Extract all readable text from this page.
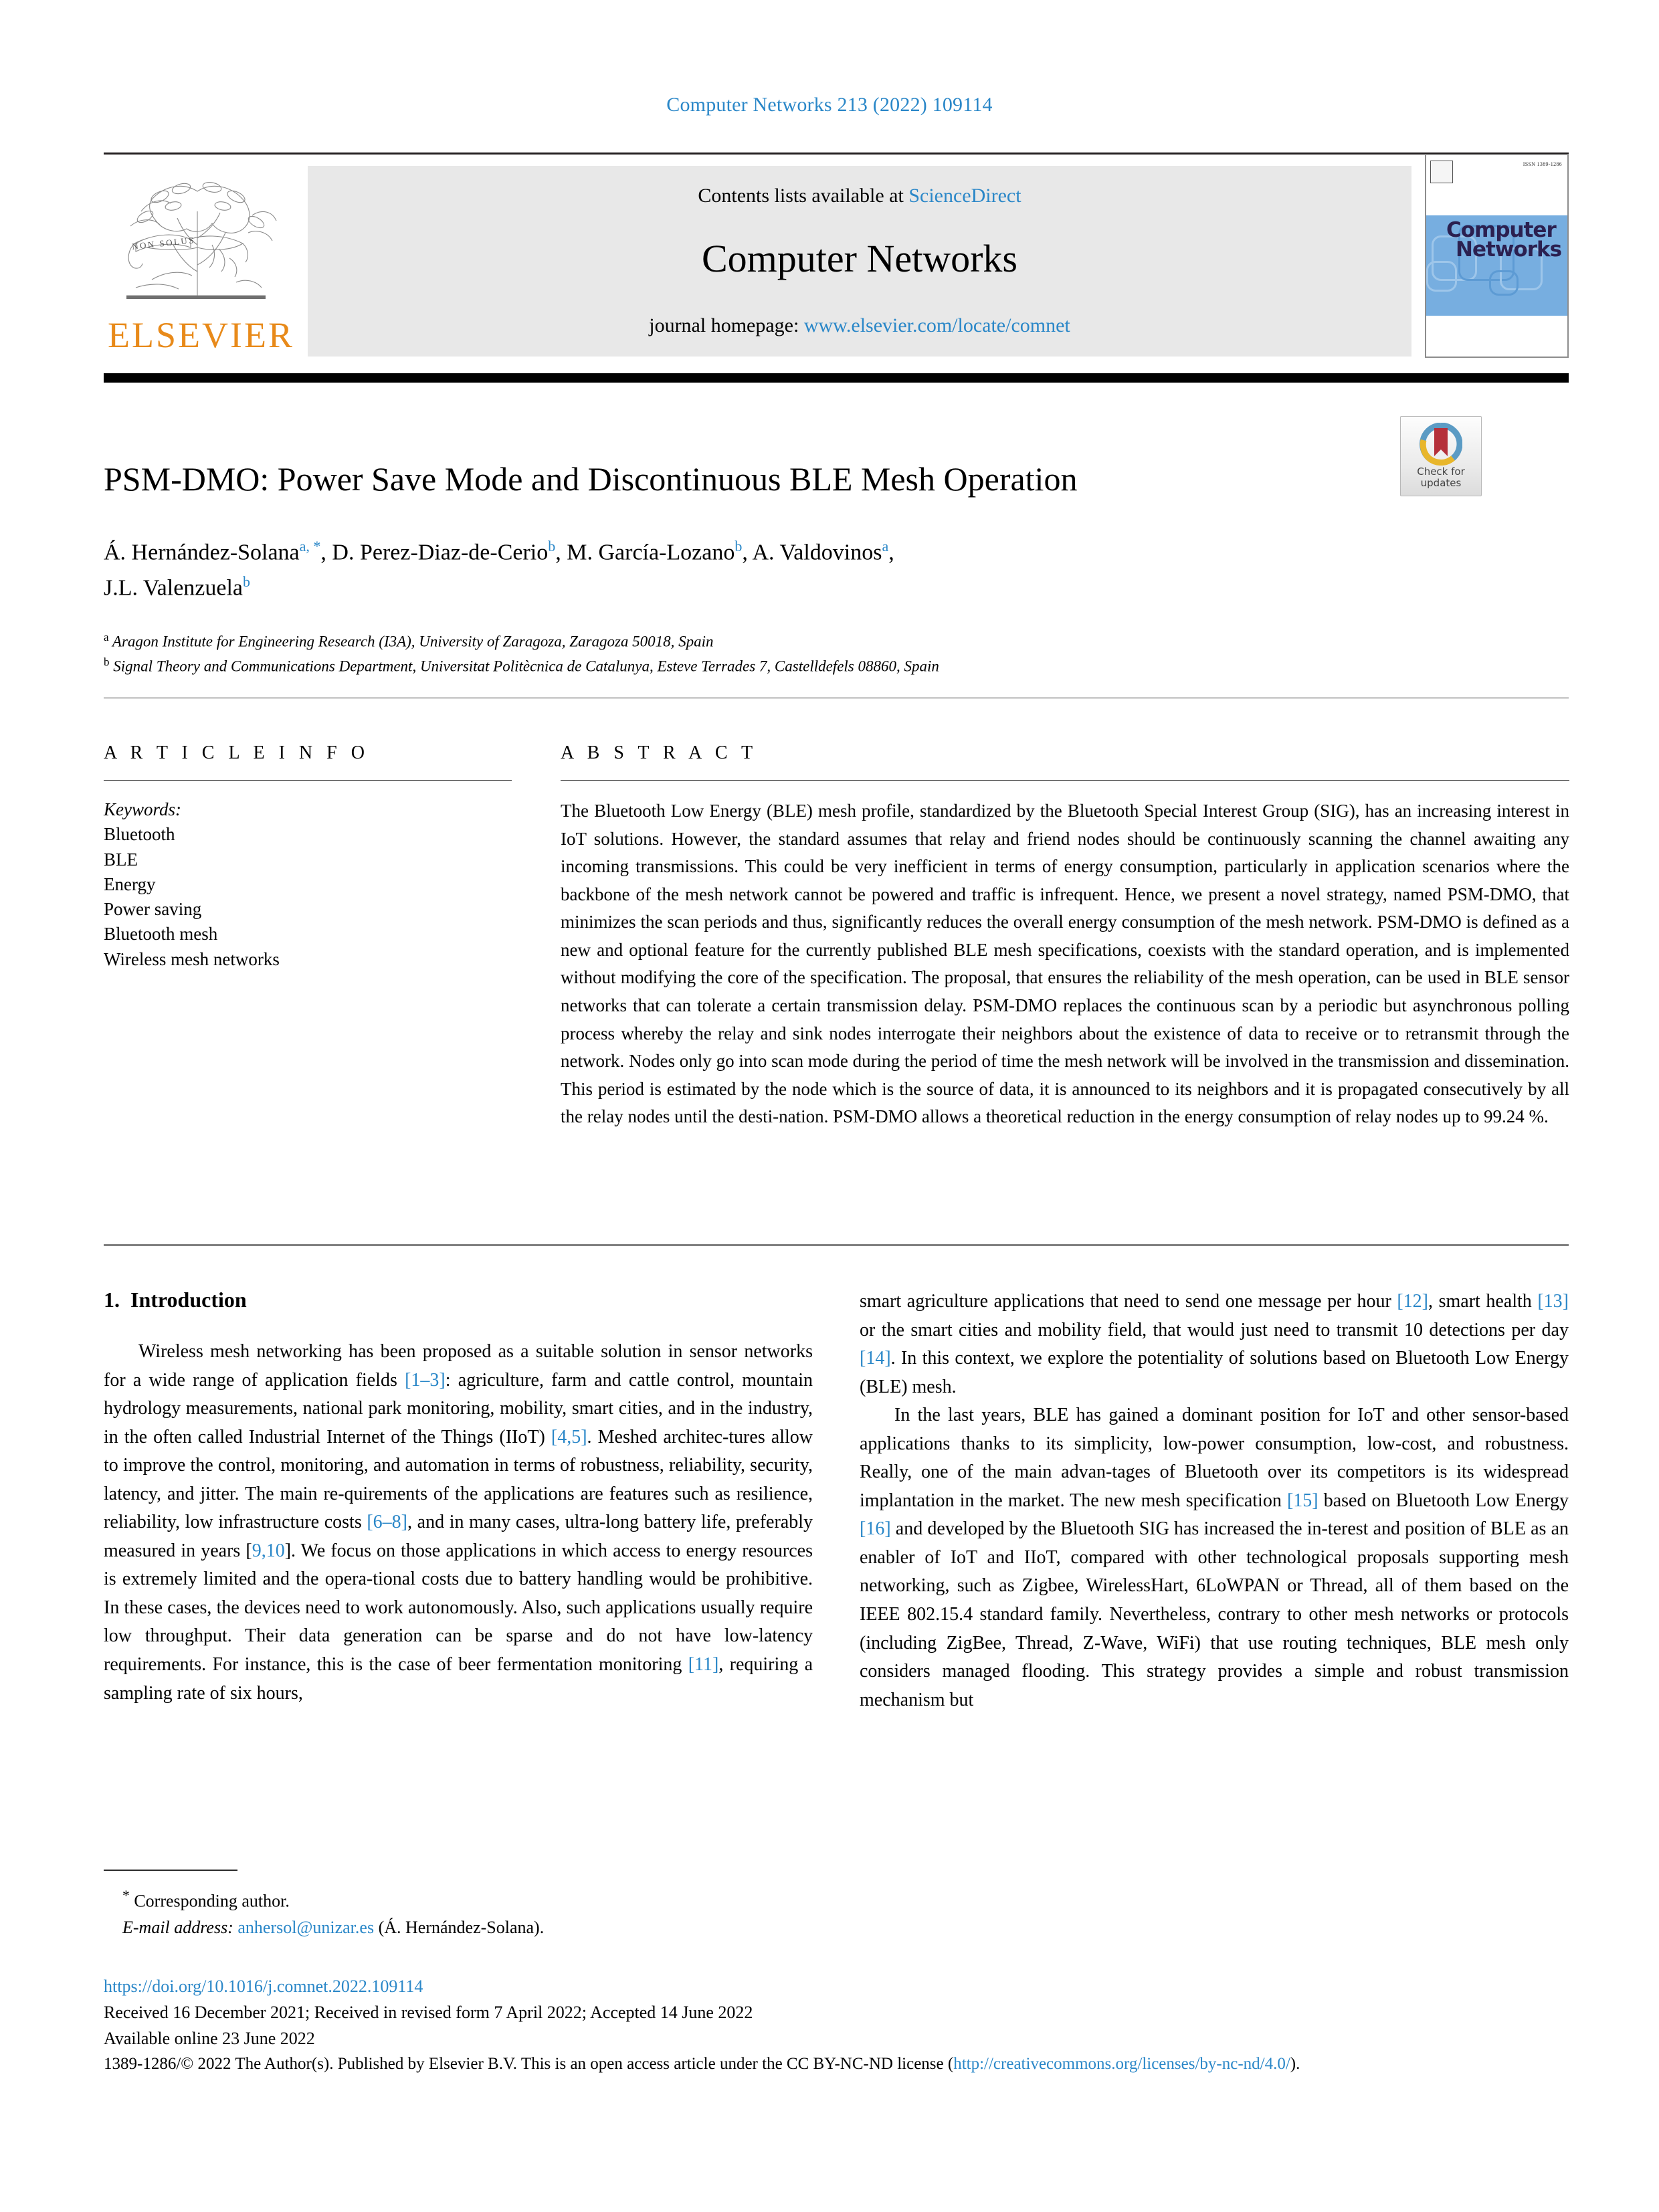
Computer Networks 213 (2022) 109114
NON SOLUS
ELSEVIER
Contents lists available at ScienceDirect
Computer Networks
journal homepage: www.elsevier.com/locate/comnet
ISSN 1389-1286
Computer
Networks
Check for
updates
PSM-DMO: Power Save Mode and Discontinuous BLE Mesh Operation
Á. Hernández-Solana$^{a, *}$, D. Perez-Diaz-de-Cerio$^b$, M. García-Lozano$^b$, A. Valdovinos$^a$,
J.L. Valenzuela$^b$
$^a$ Aragon Institute for Engineering Research (I3A), University of Zaragoza, Zaragoza 50018, Spain
$^b$ Signal Theory and Communications Department, Universitat Politècnica de Catalunya, Esteve Terrades 7, Castelldefels 08860, Spain
A R T I C L E I N F O	A B S T R A C T
Keywords:
Bluetooth
BLE
Energy
Power saving
Bluetooth mesh
Wireless mesh networks
The Bluetooth Low Energy (BLE) mesh profile, standardized by the Bluetooth Special Interest Group (SIG), has an increasing interest in IoT solutions. However, the standard assumes that relay and friend nodes should be continuously scanning the channel awaiting any incoming transmissions. This could be very inefficient in terms of energy consumption, particularly in application scenarios where the backbone of the mesh network cannot be powered and traffic is infrequent. Hence, we present a novel strategy, named PSM-DMO, that minimizes the scan periods and thus, significantly reduces the overall energy consumption of the mesh network. PSM-DMO is defined as a new and optional feature for the currently published BLE mesh specifications, coexists with the standard operation, and is implemented without modifying the core of the specification. The proposal, that ensures the reliability of the mesh operation, can be used in BLE sensor networks that can tolerate a certain transmission delay. PSM-DMO replaces the continuous scan by a periodic but asynchronous polling process whereby the relay and sink nodes interrogate their neighbors about the existence of data to receive or to retransmit through the network. Nodes only go into scan mode during the period of time the mesh network will be involved in the transmission and dissemination. This period is estimated by the node which is the source of data, it is announced to its neighbors and it is propagated consecutively by all the relay nodes until the desti-nation. PSM-DMO allows a theoretical reduction in the energy consumption of relay nodes up to 99.24 %.
1. Introduction

Wireless mesh networking has been proposed as a suitable solution in sensor networks for a wide range of application fields [1–3]: agriculture, farm and cattle control, mountain hydrology measurements, national park monitoring, mobility, smart cities, and in the industry, in the often called Industrial Internet of the Things (IIoT) [4,5]. Meshed architec-tures allow to improve the control, monitoring, and automation in terms of robustness, reliability, security, latency, and jitter. The main re-quirements of the applications are features such as resilience, reliability, low infrastructure costs [6–8], and in many cases, ultra-long battery life, preferably measured in years [9,10]. We focus on those applications in which access to energy resources is extremely limited and the opera-tional costs due to battery handling would be prohibitive. In these cases, the devices need to work autonomously. Also, such applications usually require low throughput. Their data generation can be sparse and do not have low-latency requirements. For instance, this is the case of beer fermentation monitoring [11], requiring a sampling rate of six hours,

smart agriculture applications that need to send one message per hour [12], smart health [13] or the smart cities and mobility field, that would just need to transmit 10 detections per day [14]. In this context, we explore the potentiality of solutions based on Bluetooth Low Energy (BLE) mesh.

In the last years, BLE has gained a dominant position for IoT and other sensor-based applications thanks to its simplicity, low-power consumption, low-cost, and robustness. Really, one of the main advan-tages of Bluetooth over its competitors is its widespread implantation in the market. The new mesh specification [15] based on Bluetooth Low Energy [16] and developed by the Bluetooth SIG has increased the in-terest and position of BLE as an enabler of IoT and IIoT, compared with other technological proposals supporting mesh networking, such as Zigbee, WirelessHart, 6LoWPAN or Thread, all of them based on the IEEE 802.15.4 standard family. Nevertheless, contrary to other mesh networks or protocols (including ZigBee, Thread, Z-Wave, WiFi) that use routing techniques, BLE mesh only considers managed flooding. This strategy provides a simple and robust transmission mechanism but

* Corresponding author.
E-mail address: anhersol@unizar.es (Á. Hernández-Solana).
https://doi.org/10.1016/j.comnet.2022.109114
Received 16 December 2021; Received in revised form 7 April 2022; Accepted 14 June 2022
Available online 23 June 2022
1389-1286/© 2022 The Author(s). Published by Elsevier B.V. This is an open access article under the CC BY-NC-ND license (http://creativecommons.org/licenses/by-nc-nd/4.0/).
